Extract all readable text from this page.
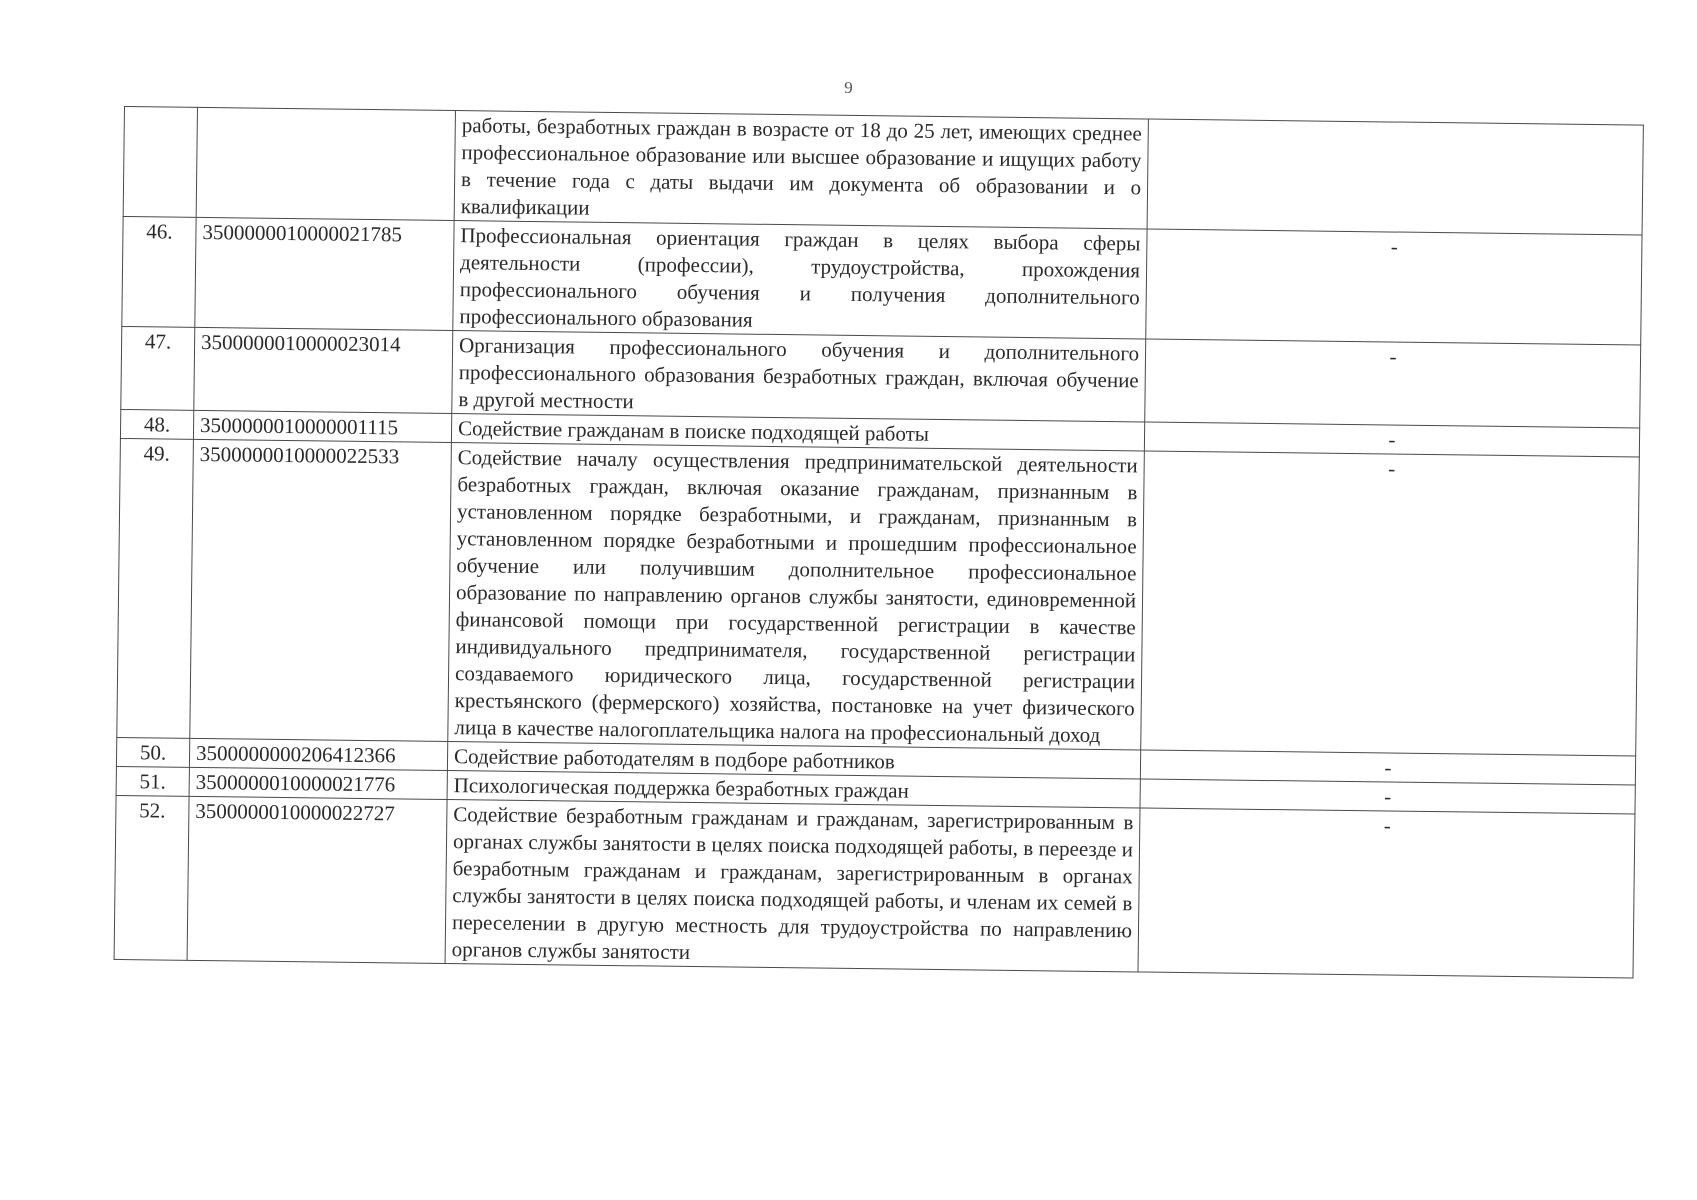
9
		работы, безработных граждан в возрасте от 18 до 25 лет, имеющих среднее профессиональное образование или высшее образование и ищущих работу в течение года с даты выдачи им документа об образовании и о квалификации	
46.	3500000010000021785	Профессиональная ориентация граждан в целях выбора сферы деятельности (профессии), трудоустройства, прохождения профессионального обучения и получения дополнительного профессионального образования	-
47.	3500000010000023014	Организация профессионального обучения и дополнительного профессионального образования безработных граждан, включая обучение в другой местности	-
48.	3500000010000001115	Содействие гражданам в поиске подходящей работы	-
49.	3500000010000022533	Содействие началу осуществления предпринимательской деятельности безработных граждан, включая оказание гражданам, признанным в установленном порядке безработными, и гражданам, признанным в установленном порядке безработными и прошедшим профессиональное обучение или получившим дополнительное профессиональное образование по направлению органов службы занятости, единовременной финансовой помощи при государственной регистрации в качестве индивидуального предпринимателя, государственной регистрации создаваемого юридического лица, государственной регистрации крестьянского (фермерского) хозяйства, постановке на учет физического лица в качестве налогоплательщика налога на профессиональный доход	-
50.	3500000000206412366	Содействие работодателям в подборе работников	-
51.	3500000010000021776	Психологическая поддержка безработных граждан	-
52.	3500000010000022727	Содействие безработным гражданам и гражданам, зарегистрированным в органах службы занятости в целях поиска подходящей работы, в переезде и безработным гражданам и гражданам, зарегистрированным в органах службы занятости в целях поиска подходящей работы, и членам их семей в переселении в другую местность для трудоустройства по направлению органов службы занятости	-
